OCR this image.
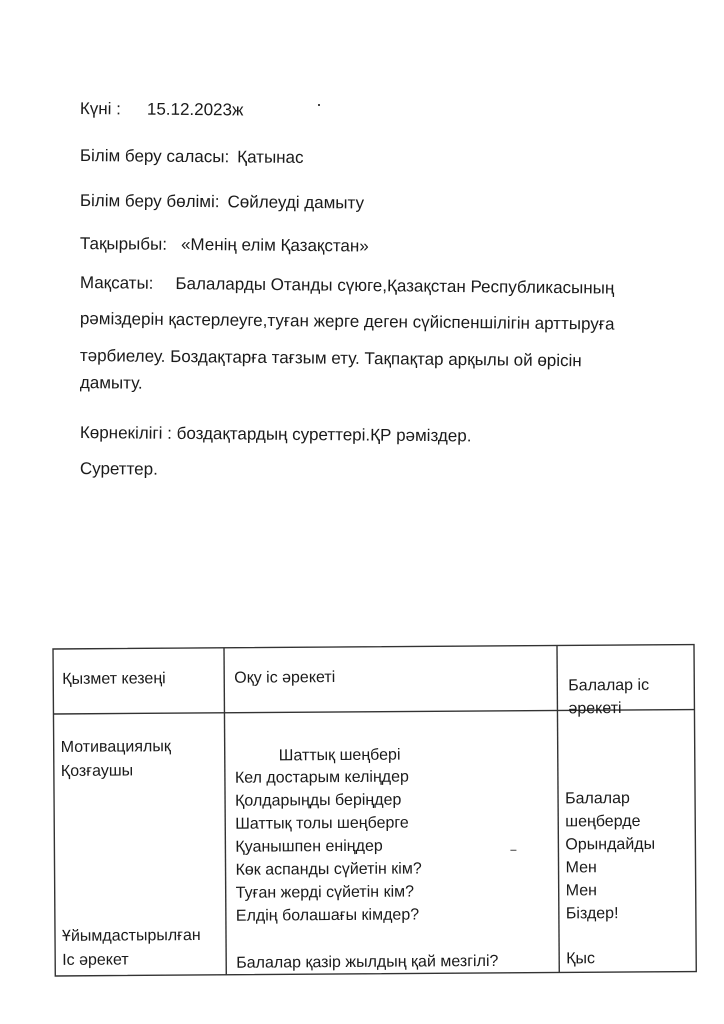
Күні : 15.12.2023ж
Білім беру саласы: Қатынас
Білім беру бөлімі: Сөйлеуді дамыту
Тақырыбы: «Менің елім Қазақстан»
Мақсаты: Балаларды Отанды сүюге,Қазақстан Республикасының
рәміздерін қастерлеуге,туған жерге деген сүйіспеншілігін арттыруға
тәрбиелеу. Боздақтарға тағзым ету. Тақпақтар арқылы ой өрісін
дамыту.
Көрнекілігі : боздақтардың суреттері.ҚР рәміздер.
Суреттер.
Қызмет кезеңі	Оқу іс әрекеті	Балалар іс
әрекеті
Мотивациялық
Қозғаушы
Ұйымдастырылған
Іс әрекет
Шаттық шеңбері
Кел достарым келіңдер
Қолдарыңды беріңдер
Шаттық толы шеңберге
Қуанышпен еніңдер
Көк аспанды сүйетін кім?
Туған жерді сүйетін кім?
Елдің болашағы кімдер?
Балалар қазір жылдың қай мезгілі?
Балалар
шеңберде
Орындайды
Мен
Мен
Біздер!
Қыс
